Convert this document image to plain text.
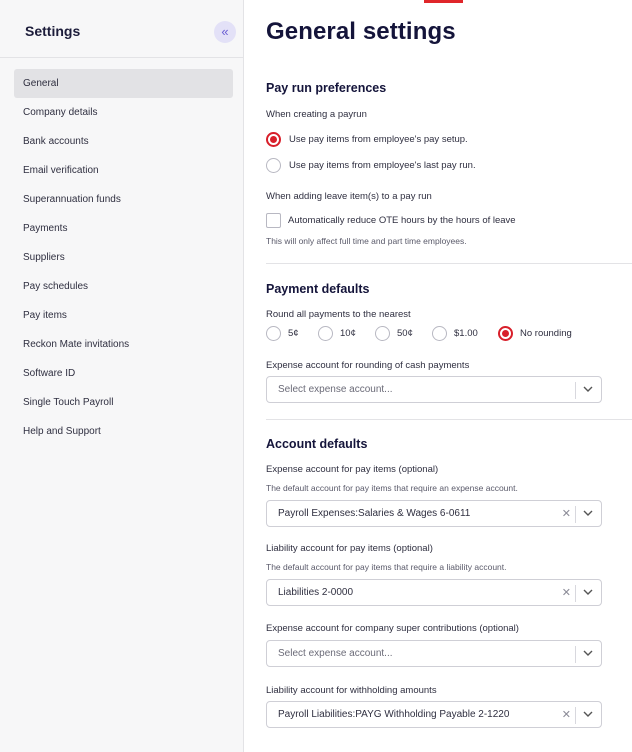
Settings	«
General
Company details
Bank accounts
Email verification
Superannuation funds
Payments
Suppliers
Pay schedules
Pay items
Reckon Mate invitations
Software ID
Single Touch Payroll
Help and Support
General settings
Pay run preferences
When creating a payrun
Use pay items from employee's pay setup.
Use pay items from employee's last pay run.
When adding leave item(s) to a pay run
Automatically reduce OTE hours by the hours of leave
This will only affect full time and part time employees.
Payment defaults
Round all payments to the nearest
5¢	10¢	50¢	$1.00	No rounding
Expense account for rounding of cash payments
Select expense account...
Account defaults
Expense account for pay items (optional)
The default account for pay items that require an expense account.
Payroll Expenses:Salaries & Wages 6-0611	✕
Liability account for pay items (optional)
The default account for pay items that require a liability account.
Liabilities 2-0000	✕
Expense account for company super contributions (optional)
Select expense account...
Liability account for withholding amounts
Payroll Liabilities:PAYG Withholding Payable 2-1220	✕
